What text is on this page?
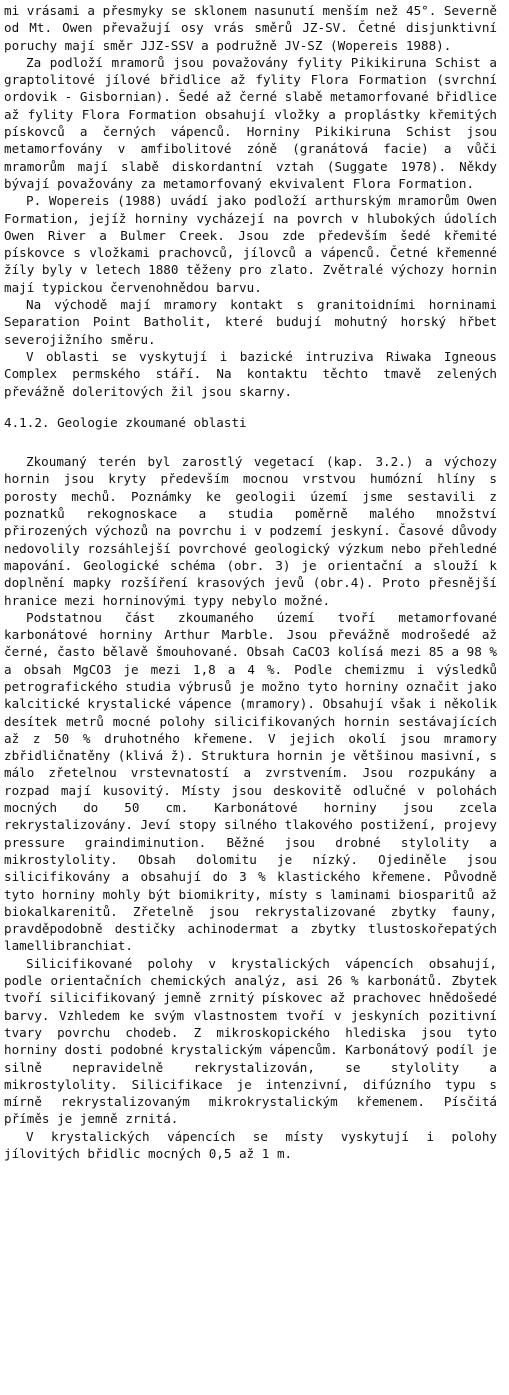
mi vrásami a přesmyky se sklonem nasunutí menším než 45°. Severně od Mt. Owen převažují osy vrás směrů JZ-SV. Četné disjunktivní poruchy mají směr JJZ-SSV a podružně JV-SZ (Wopereis 1988).

Za podloží mramorů jsou považovány fylity Pikikiruna Schist a graptolitové jílové břidlice až fylity Flora Formation (svrchní ordovik - Gisbornian). Šedé až černé slabě metamorfované břidlice až fylity Flora Formation obsahují vložky a proplástky křemitých pískovců a černých vápenců. Horniny Pikikiruna Schist jsou metamorfovány v amfibolitové zóně (granátová facie) a vůči mramorům mají slabě diskordantní vztah (Suggate 1978). Někdy bývají považovány za metamorfovaný ekvivalent Flora Formation.

P. Wopereis (1988) uvádí jako podloží arthurským mramorům Owen Formation, jejíž horniny vycházejí na povrch v hlubokých údolích Owen River a Bulmer Creek. Jsou zde především šedé křemité pískovce s vložkami prachovců, jílovců a vápenců. Četné křemenné žíly byly v letech 1880 těženy pro zlato. Zvětralé výchozy hornin mají typickou červenohnědou barvu.

Na východě mají mramory kontakt s granitoidními horninami Separation Point Batholit, které budují mohutný horský hřbet severojižního směru.

V oblasti se vyskytují i bazické intruziva Riwaka Igneous Complex permského stáří. Na kontaktu těchto tmavě zelených převážně doleritových žil jsou skarny.

4.1.2. Geologie zkoumané oblasti

Zkoumaný terén byl zarostlý vegetací (kap. 3.2.) a výchozy hornin jsou kryty především mocnou vrstvou humózní hlíny s porosty mechů. Poznámky ke geologii území jsme sestavili z poznatků rekognoskace a studia poměrně malého množství přirozených výchozů na povrchu i v podzemí jeskyní. Časové důvody nedovolily rozsáhlejší povrchové geologický výzkum nebo přehledné mapování. Geologické schéma (obr. 3) je orientační a slouží k doplnění mapky rozšíření krasových jevů (obr.4). Proto přesnější hranice mezi horninovými typy nebylo možné.

Podstatnou část zkoumaného území tvoří metamorfované karbonátové horniny Arthur Marble. Jsou převážně modrošedé až černé, často bělavě šmouhované. Obsah CaCO3 kolísá mezi 85 a 98 % a obsah MgCO3 je mezi 1,8 a 4 %. Podle chemizmu i výsledků petrografického studia výbrusů je možno tyto horniny označit jako kalcitické krystalické vápence (mramory). Obsahují však i několik desítek metrů mocné polohy silicifikovaných hornin sestávajících až z 50 % druhotného křemene. V jejich okolí jsou mramory zbřidličnatěny (klivá ž). Struktura hornin je většinou masivní, s málo zřetelnou vrstevnatostí a zvrstvením. Jsou rozpukány a rozpad mají kusovitý. Místy jsou deskovitě odlučné v polohách mocných do 50 cm. Karbonátové horniny jsou zcela rekrystalizovány. Jeví stopy silného tlakového postižení, projevy pressure graindiminution. Běžné jsou drobné stylolity a mikrostylolity. Obsah dolomitu je nízký. Ojediněle jsou silicifikovány a obsahují do 3 % klastického křemene. Původně tyto horniny mohly být biomikrity, místy s laminami biosparitů až biokalkarenitů. Zřetelně jsou rekrystalizované zbytky fauny, pravděpodobně destičky achinodermat a zbytky tlustoskořepatých lamellibranchiat.

Silicifikované polohy v krystalických vápencích obsahují, podle orientačních chemických analýz, asi 26 % karbonátů. Zbytek tvoří silicifikovaný jemně zrnitý pískovec až prachovec hnědošedé barvy. Vzhledem ke svým vlastnostem tvoří v jeskyních pozitivní tvary povrchu chodeb. Z mikroskopického hlediska jsou tyto horniny dosti podobné krystalickým vápencům. Karbonátový podíl je silně nepravidelně rekrystalizován, se stylolity a mikrostylolity. Silicifikace je intenzivní, difúzního typu s mírně rekrystalizovaným mikrokrystalickým křemenem. Písčitá příměs je jemně zrnitá.

V krystalických vápencích se místy vyskytují i polohy jílovitých břidlic mocných 0,5 až 1 m.
